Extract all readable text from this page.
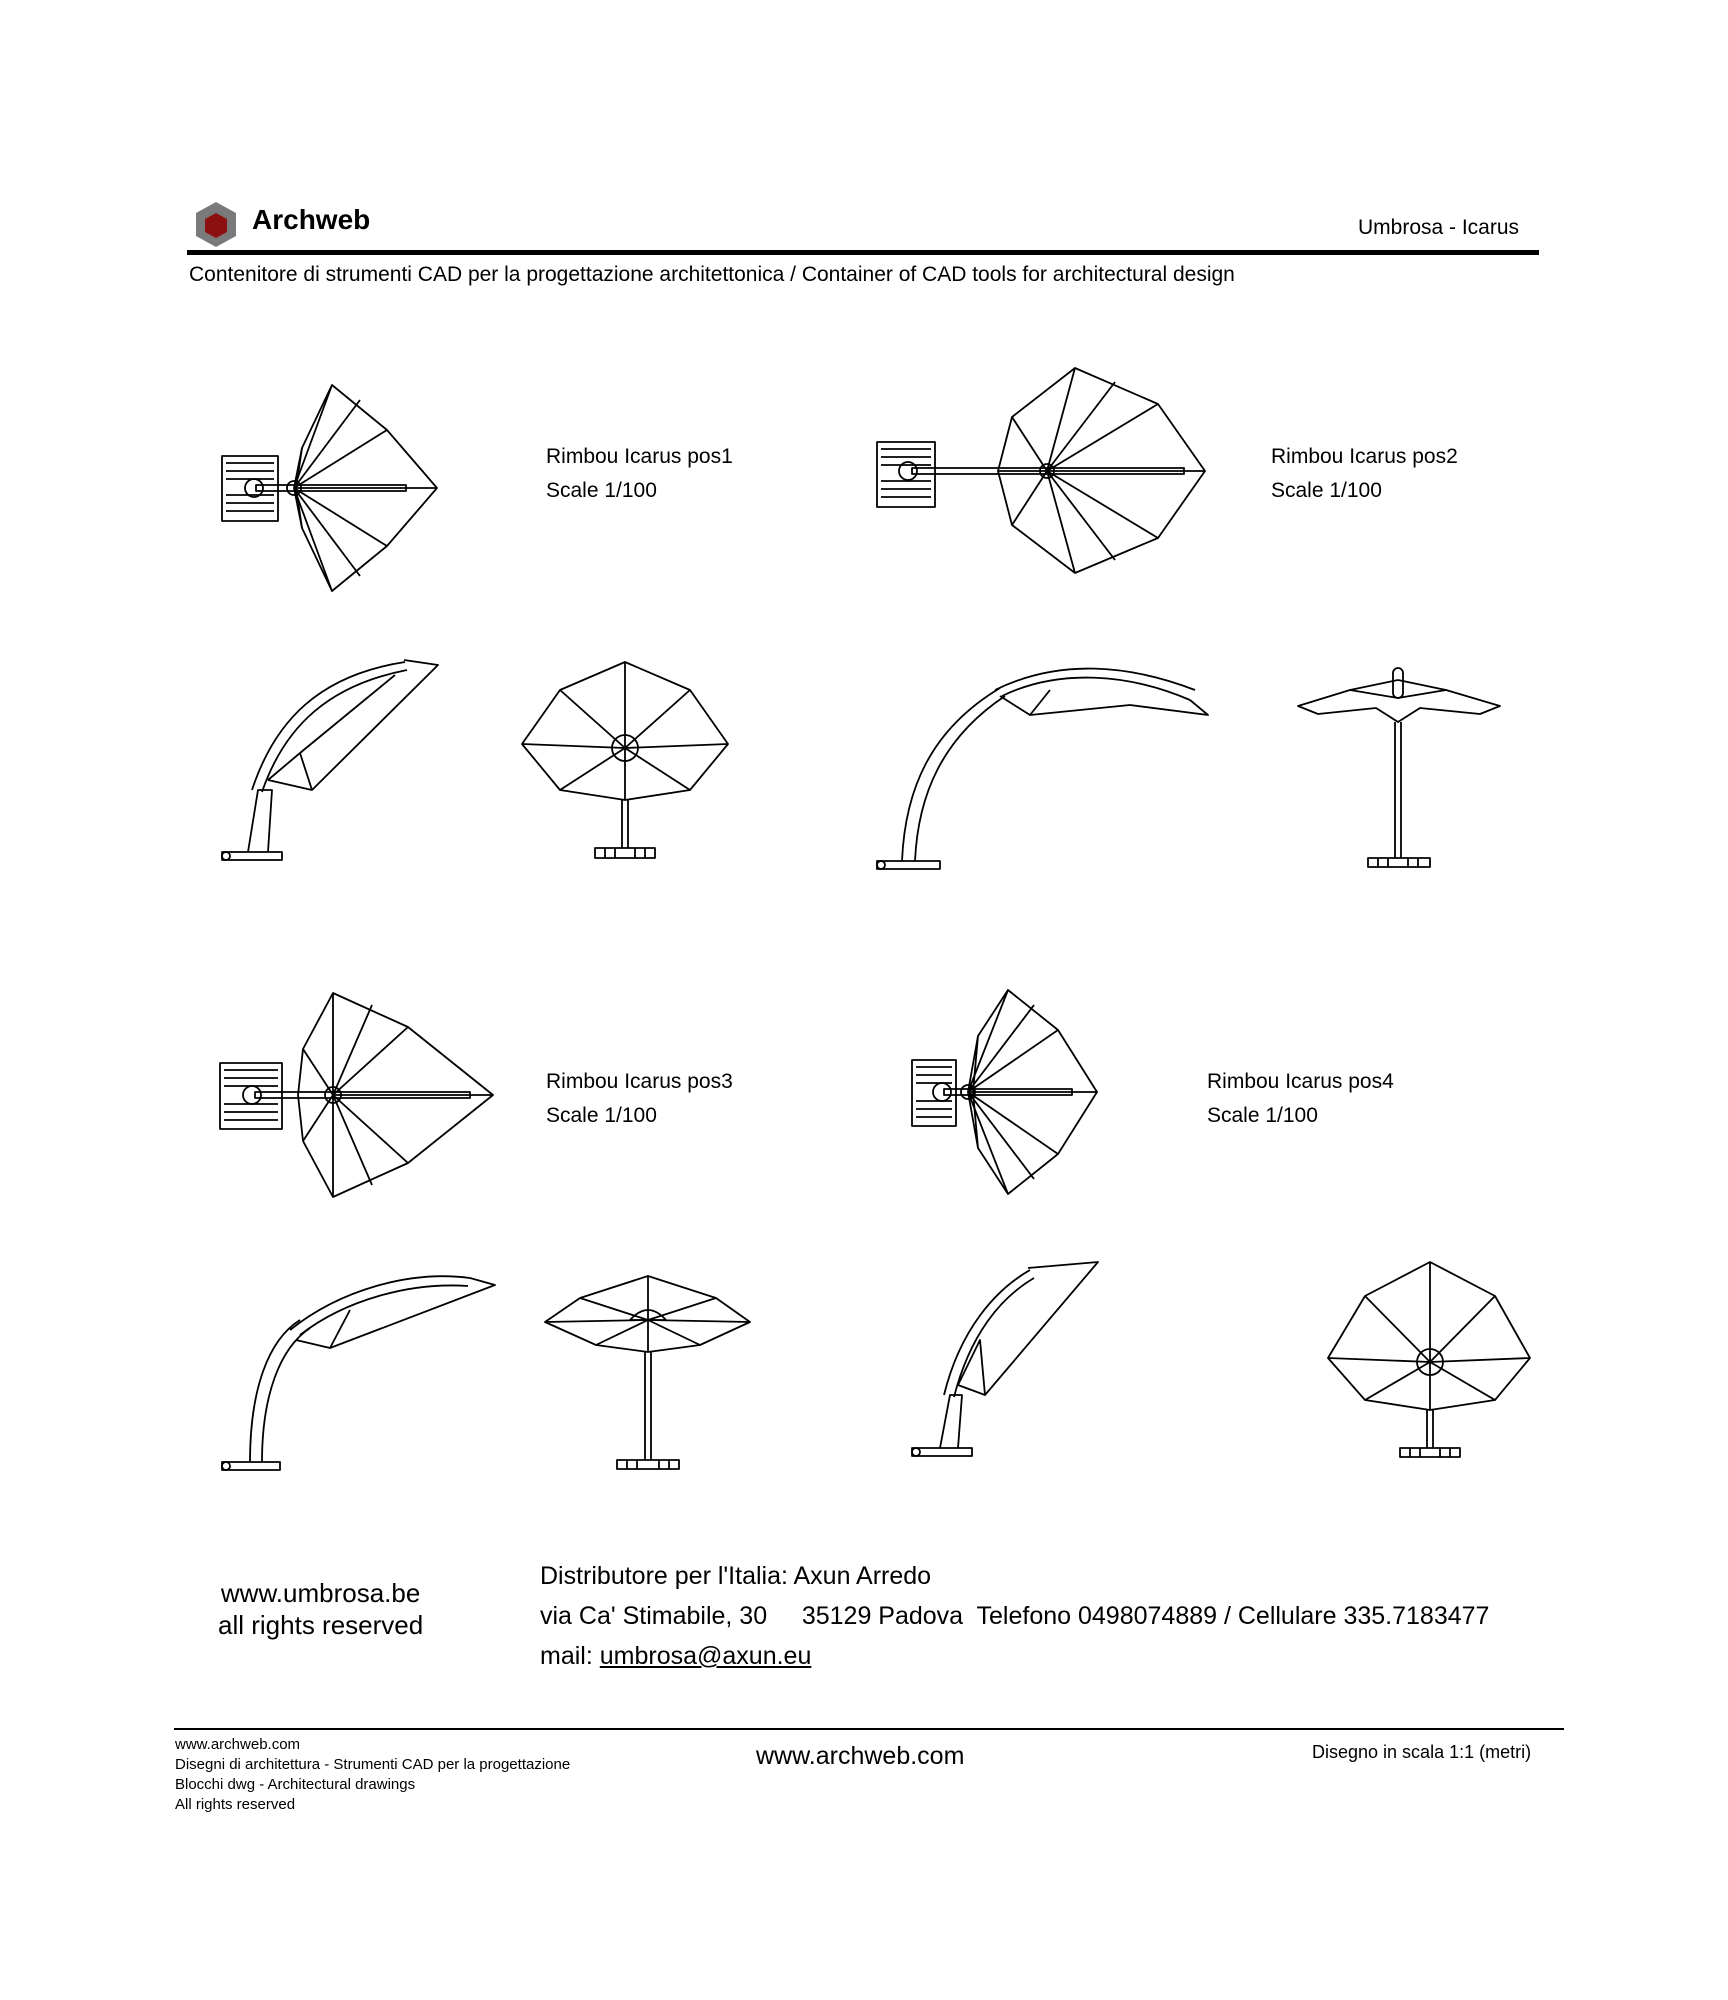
Archweb	Umbrosa - Icarus
Contenitore di strumenti CAD per la progettazione architettonica / Container of CAD tools for architectural design
Rimbou Icarus pos1
Scale 1/100
Rimbou Icarus pos2
Scale 1/100
Rimbou Icarus pos3
Scale 1/100
Rimbou Icarus pos4
Scale 1/100
www.umbrosa.be
all rights reserved
Distributore per l'Italia: Axun Arredo
via Ca' Stimabile, 30     35129 Padova  Telefono 0498074889 / Cellulare 335.7183477
mail: umbrosa@axun.eu
www.archweb.com
Disegni di architettura - Strumenti CAD per la progettazione
Blocchi dwg - Architectural drawings
All rights reserved
www.archweb.com	Disegno in scala 1:1 (metri)
